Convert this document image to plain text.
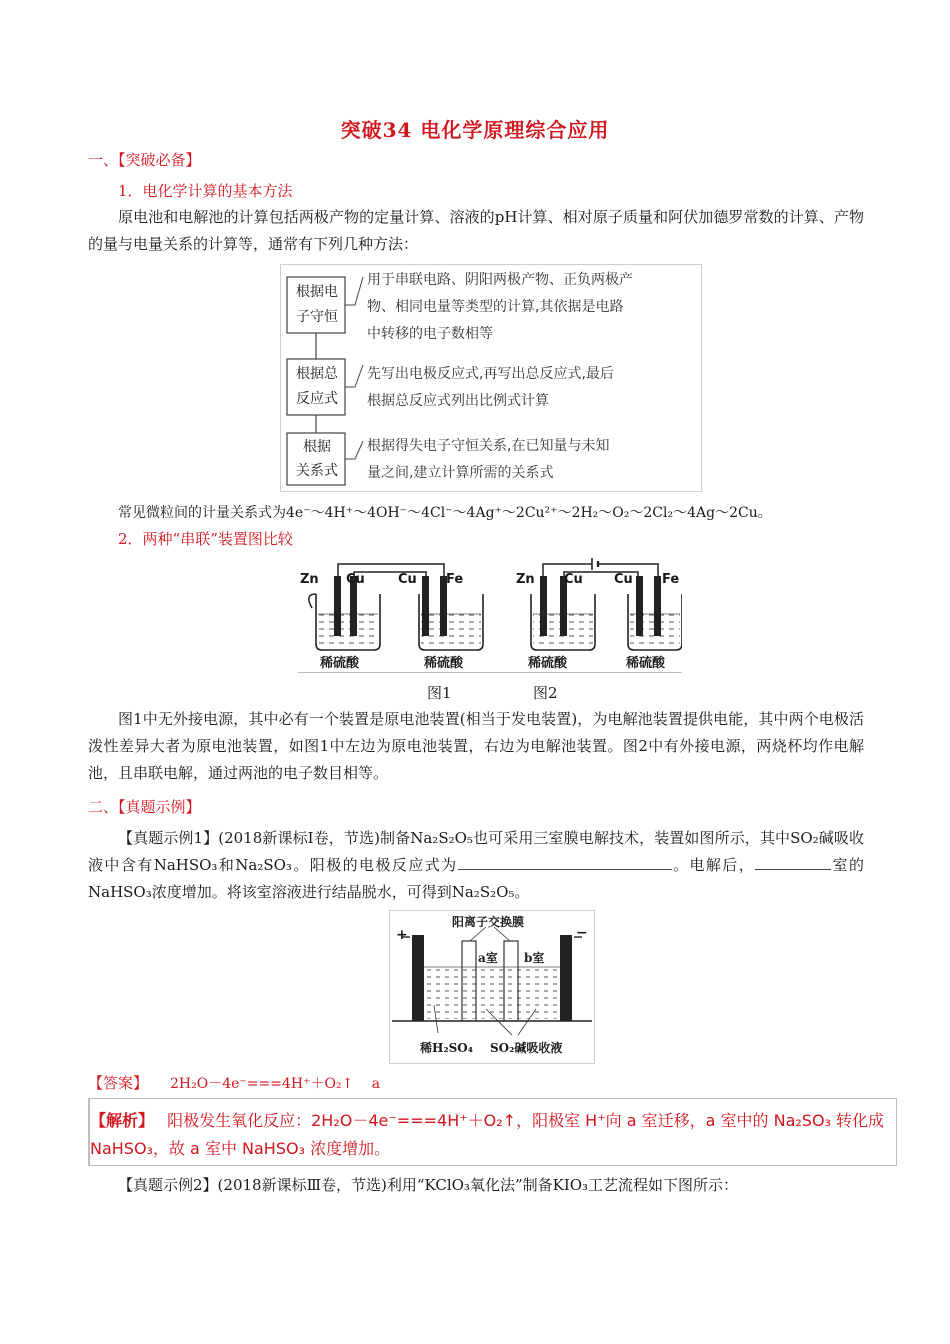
突破34 电化学原理综合应用
一、【突破必备】
1．电化学计算的基本方法
原电池和电解池的计算包括两极产物的定量计算、溶液的pH计算、相对原子质量和阿伏加德罗常数的计算、产物的量与电量关系的计算等，通常有下列几种方法：
根据电
子守恒
根据总
反应式
根据
关系式
用于串联电路、阴阳两极产物、正负两极产
物、相同电量等类型的计算,其依据是电路
中转移的电子数相等
先写出电极反应式,再写出总反应式,最后
根据总反应式列出比例式计算
根据得失电子守恒关系,在已知量与未知
量之间,建立计算所需的关系式
常见微粒间的计量关系式为4e⁻～4H⁺～4OH⁻～4Cl⁻～4Ag⁺～2Cu²⁺～2H₂～O₂～2Cl₂～4Ag～2Cu。
2．两种“串联”装置图比较
Zn Cu	Cu Fe	Zn Cu Cu Fe
稀硫酸	稀硫酸	稀硫酸	稀硫酸
图1	图2
图1中无外接电源，其中必有一个装置是原电池装置(相当于发电装置)，为电解池装置提供电能，其中两个电极活泼性差异大者为原电池装置，如图1中左边为原电池装置，右边为电解池装置。图2中有外接电源，两烧杯均作电解池，且串联电解，通过两池的电子数目相等。
二、【真题示例】
【真题示例1】(2018新课标Ⅰ卷，节选)制备Na₂S₂O₅也可采用三室膜电解技术，装置如图所示，其中SO₂碱吸收液中含有NaHSO₃和Na₂SO₃。阳极的电极反应式为	。电解后，	室的NaHSO₃浓度增加。将该室溶液进行结晶脱水，可得到Na₂S₂O₅。
阳离子交换膜
+	−
a室 b室
稀H₂SO₄ SO₂碱吸收液
【答案】 2H₂O－4e⁻===4H⁺＋O₂↑　 a
【解析】 阳极发生氧化反应：2H₂O－4e⁻===4H⁺＋O₂↑，阳极室 H⁺向 a 室迁移，a 室中的 Na₂SO₃ 转化成 NaHSO₃，故 a 室中 NaHSO₃ 浓度增加。
【真题示例2】(2018新课标Ⅲ卷，节选)利用“KClO₃氧化法”制备KIO₃工艺流程如下图所示：
